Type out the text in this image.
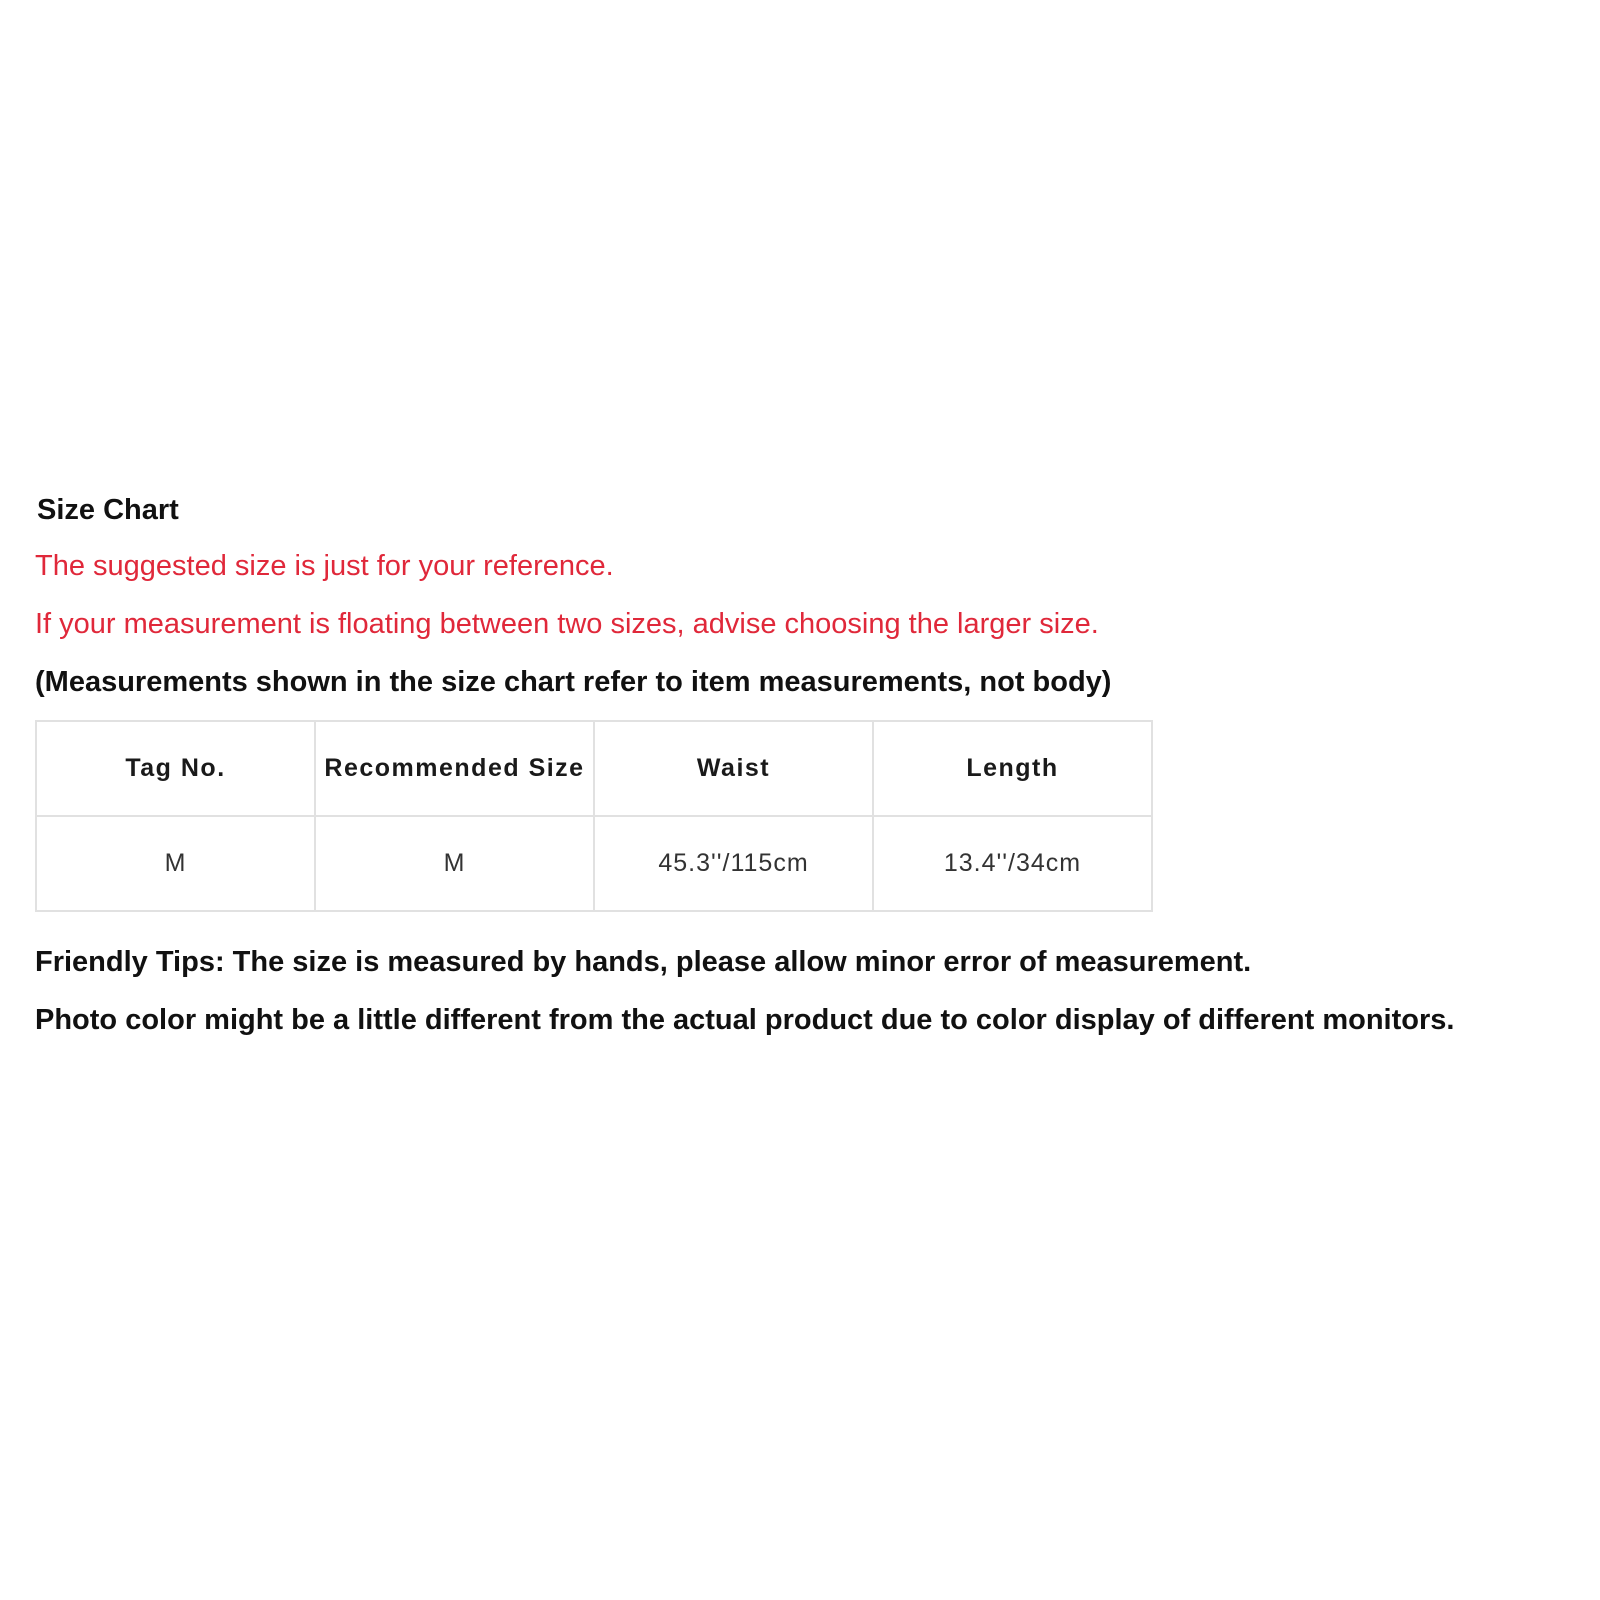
Size Chart
The suggested size is just for your reference.
If your measurement is floating between two sizes, advise choosing the larger size.
(Measurements shown in the size chart refer to item measurements, not body)
Tag No.	Recommended Size	Waist	Length
M	M	45.3''/115cm	13.4''/34cm
Friendly Tips: The size is measured by hands, please allow minor error of measurement.
Photo color might be a little different from the actual product due to color display of different monitors.
